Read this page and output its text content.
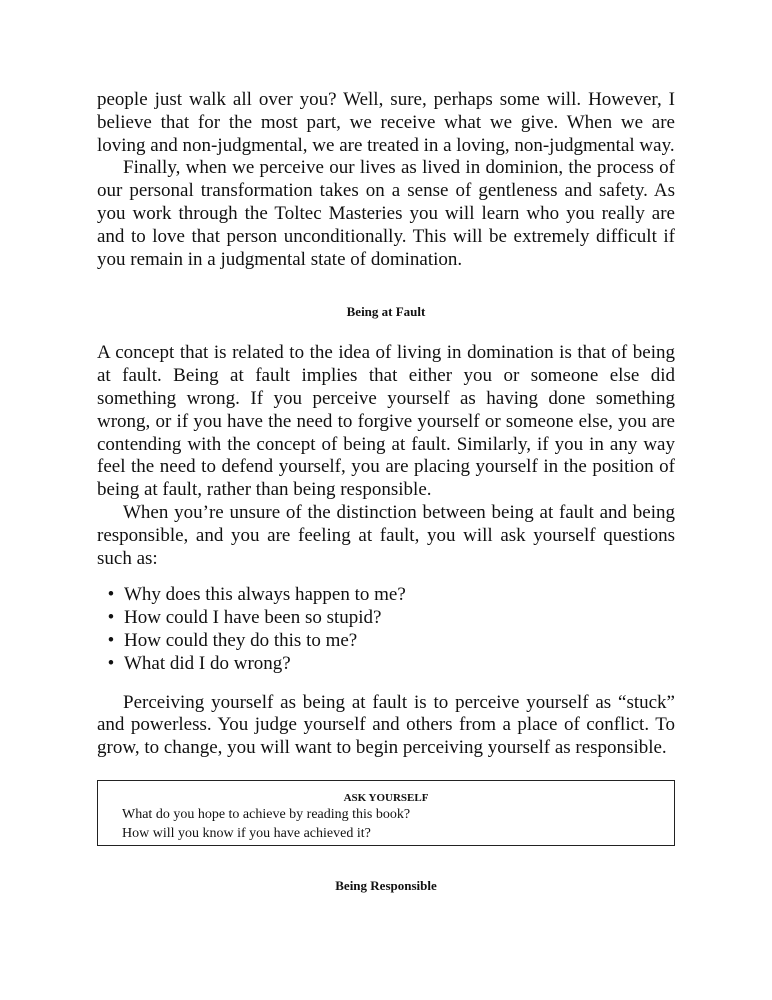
people just walk all over you? Well, sure, perhaps some will. However, I believe that for the most part, we receive what we give. When we are loving and non-judgmental, we are treated in a loving, non-judgmental way.

Finally, when we perceive our lives as lived in dominion, the process of our personal transformation takes on a sense of gentleness and safety. As you work through the Toltec Masteries you will learn who you really are and to love that person unconditionally. This will be extremely difficult if you remain in a judgmental state of domination.

Being at Fault

A concept that is related to the idea of living in domination is that of being at fault. Being at fault implies that either you or someone else did something wrong. If you perceive yourself as having done something wrong, or if you have the need to forgive yourself or someone else, you are contending with the concept of being at fault. Similarly, if you in any way feel the need to defend yourself, you are placing yourself in the position of being at fault, rather than being responsible.

When you’re unsure of the distinction between being at fault and being responsible, and you are feeling at fault, you will ask yourself questions such as:

• Why does this always happen to me?
• How could I have been so stupid?
• How could they do this to me?
• What did I do wrong?

Perceiving yourself as being at fault is to perceive yourself as “stuck” and powerless. You judge yourself and others from a place of conflict. To grow, to change, you will want to begin perceiving yourself as responsible.

ASK YOURSELF
What do you hope to achieve by reading this book?
How will you know if you have achieved it?
Being Responsible
